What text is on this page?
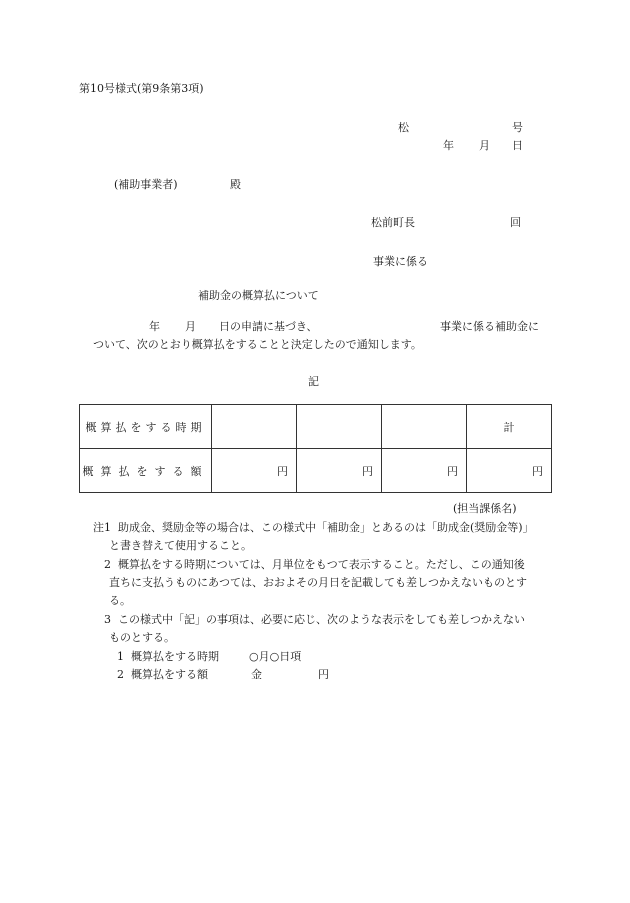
第10号様式(第9条第3項)
松	号
年 月 日
(補助事業者)	殿
松前町長	回
事業に係る
補助金の概算払について
年 月 日の申請に基づき、	事業に係る補助金に
ついて、次のとおり概算払をすることと決定したので通知します。
記
概算払をする時期				計
概算払をする額	円	円	円	円
(担当課係名)
注1 助成金、奨励金等の場合は、この様式中「補助金」とあるのは「助成金(奨励金等)」
と書き替えて使用すること。
2 概算払をする時期については、月単位をもつて表示すること。ただし、この通知後
直ちに支払うものにあつては、おおよその月日を記載しても差しつかえないものとす
る。
3 この様式中「記」の事項は、必要に応じ、次のような表示をしても差しつかえない
ものとする。
1 概算払をする時期	○月○日項
2 概算払をする額	金	円
